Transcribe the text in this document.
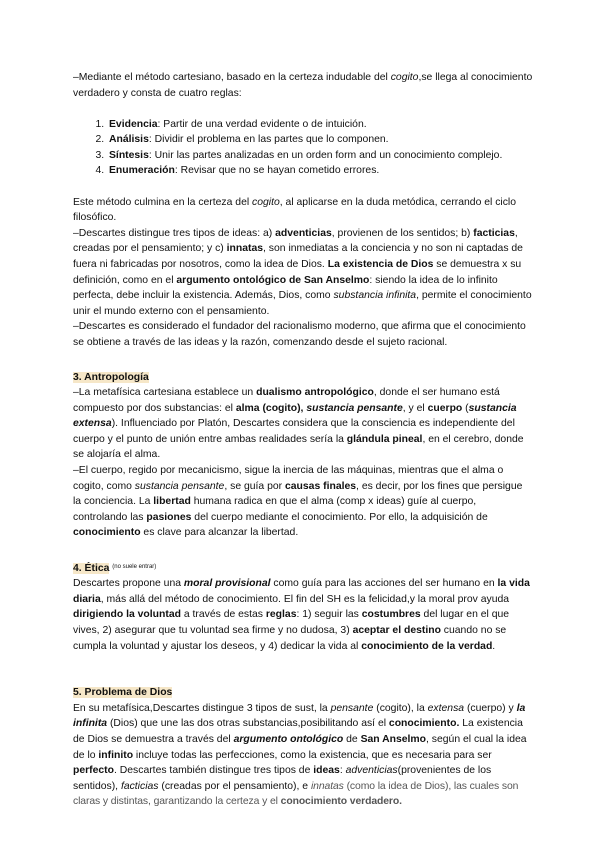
–Mediante el método cartesiano, basado en la certeza indudable del cogito,se llega al conocimiento verdadero y consta de cuatro reglas:

1. Evidencia: Partir de una verdad evidente o de intuición.
2. Análisis: Dividir el problema en las partes que lo componen.
3. Síntesis: Unir las partes analizadas en un orden form and un conocimiento complejo.
4. Enumeración: Revisar que no se hayan cometido errores.

Este método culmina en la certeza del cogito, al aplicarse en la duda metódica, cerrando el ciclo filosófico.

–Descartes distingue tres tipos de ideas: a) adventicias, provienen de los sentidos; b) facticias, creadas por el pensamiento; y c) innatas, son inmediatas a la conciencia y no son ni captadas de fuera ni fabricadas por nosotros, como la idea de Dios. La existencia de Dios se demuestra x su definición, como en el argumento ontológico de San Anselmo: siendo la idea de lo infinito perfecta, debe incluir la existencia. Además, Dios, como substancia infinita, permite el conocimiento unir el mundo externo con el pensamiento.

–Descartes es considerado el fundador del racionalismo moderno, que afirma que el conocimiento se obtiene a través de las ideas y la razón, comenzando desde el sujeto racional.

3. Antropología

–La metafísica cartesiana establece un dualismo antropológico, donde el ser humano está compuesto por dos substancias: el alma (cogito), sustancia pensante, y el cuerpo (sustancia extensa). Influenciado por Platón, Descartes considera que la consciencia es independiente del cuerpo y el punto de unión entre ambas realidades sería la glándula pineal, en el cerebro, donde se alojaría el alma.

–El cuerpo, regido por mecanicismo, sigue la inercia de las máquinas, mientras que el alma o cogito, como sustancia pensante, se guía por causas finales, es decir, por los fines que persigue la conciencia. La libertad humana radica en que el alma (comp x ideas) guíe al cuerpo, controlando las pasiones del cuerpo mediante el conocimiento. Por ello, la adquisición de conocimiento es clave para alcanzar la libertad.

4. Ética (no suele entrar)

Descartes propone una moral provisional como guía para las acciones del ser humano en la vida diaria, más allá del método de conocimiento. El fin del SH es la felicidad,y la moral prov ayuda dirigiendo la voluntad a través de estas reglas: 1) seguir las costumbres del lugar en el que vives, 2) asegurar que tu voluntad sea firme y no dudosa, 3) aceptar el destino cuando no se cumpla la voluntad y ajustar los deseos, y 4) dedicar la vida al conocimiento de la verdad.

5. Problema de Dios

En su metafísica,Descartes distingue 3 tipos de sust, la pensante (cogito), la extensa (cuerpo) y la infinita (Dios) que une las dos otras substancias,posibilitando así el conocimiento. La existencia de Dios se demuestra a través del argumento ontológico de San Anselmo, según el cual la idea de lo infinito incluye todas las perfecciones, como la existencia, que es necesaria para ser perfecto. Descartes también distingue tres tipos de ideas: adventicias(provenientes de los sentidos), facticias (creadas por el pensamiento), e innatas (como la idea de Dios), las cuales son claras y distintas, garantizando la certeza y el conocimiento verdadero.
